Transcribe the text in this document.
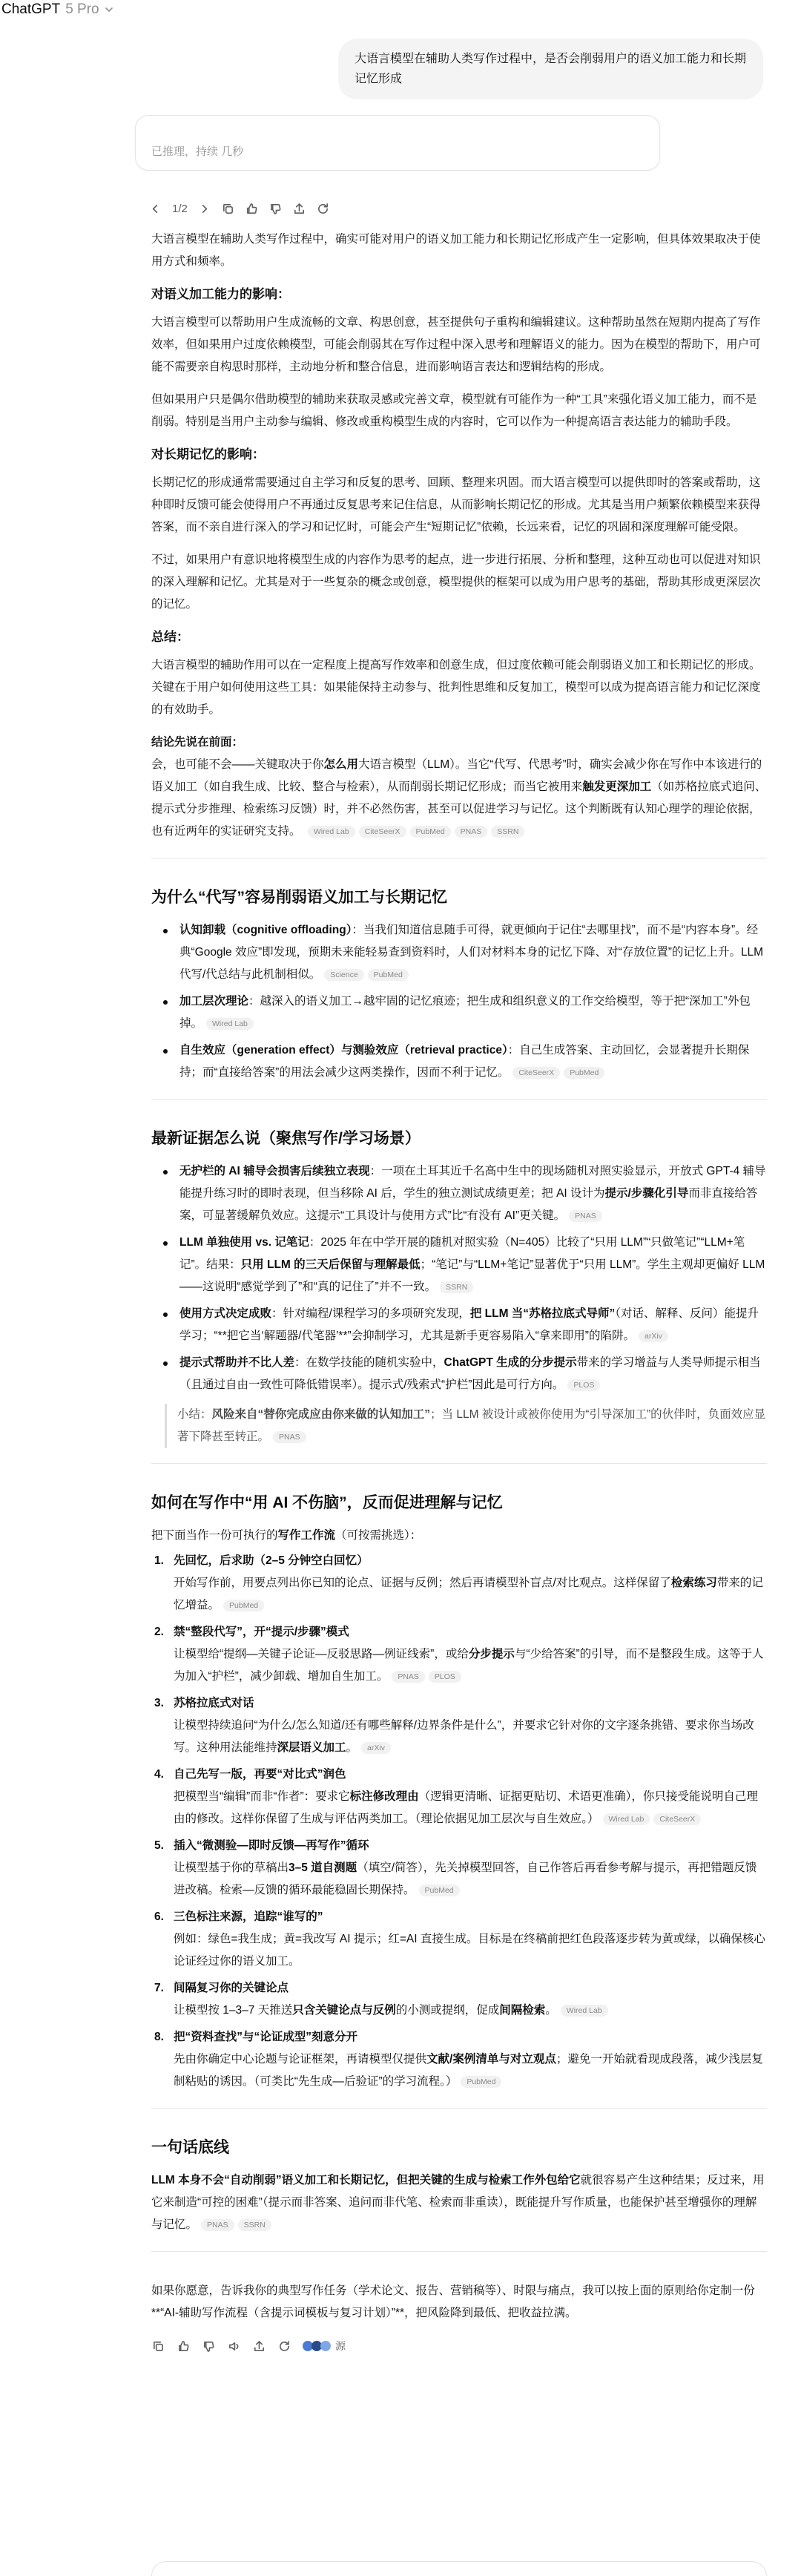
ChatGPT 5 Pro
大语言模型在辅助人类写作过程中，是否会削弱用户的语义加工能力和长期记忆形成
已推理，持续 几秒
1/2

大语言模型在辅助人类写作过程中，确实可能对用户的语义加工能力和长期记忆形成产生一定影响，但具体效果取决于使用方式和频率。

对语义加工能力的影响：

大语言模型可以帮助用户生成流畅的文章、构思创意，甚至提供句子重构和编辑建议。这种帮助虽然在短期内提高了写作效率，但如果用户过度依赖模型，可能会削弱其在写作过程中深入思考和理解语义的能力。因为在模型的帮助下，用户可能不需要亲自构思时那样，主动地分析和整合信息，进而影响语言表达和逻辑结构的形成。

但如果用户只是偶尔借助模型的辅助来获取灵感或完善文章，模型就有可能作为一种“工具”来强化语义加工能力，而不是削弱。特别是当用户主动参与编辑、修改或重构模型生成的内容时，它可以作为一种提高语言表达能力的辅助手段。

对长期记忆的影响：

长期记忆的形成通常需要通过自主学习和反复的思考、回顾、整理来巩固。而大语言模型可以提供即时的答案或帮助，这种即时反馈可能会使得用户不再通过反复思考来记住信息，从而影响长期记忆的形成。尤其是当用户频繁依赖模型来获得答案，而不亲自进行深入的学习和记忆时，可能会产生“短期记忆”依赖，长远来看，记忆的巩固和深度理解可能受限。

不过，如果用户有意识地将模型生成的内容作为思考的起点，进一步进行拓展、分析和整理，这种互动也可以促进对知识的深入理解和记忆。尤其是对于一些复杂的概念或创意，模型提供的框架可以成为用户思考的基础，帮助其形成更深层次的记忆。

总结：

大语言模型的辅助作用可以在一定程度上提高写作效率和创意生成，但过度依赖可能会削弱语义加工和长期记忆的形成。关键在于用户如何使用这些工具：如果能保持主动参与、批判性思维和反复加工，模型可以成为提高语言能力和记忆深度的有效助手。

结论先说在前面：

会，也可能不会——关键取决于你怎么用大语言模型（LLM）。当它“代写、代思考”时，确实会减少你在写作中本该进行的语义加工（如自我生成、比较、整合与检索），从而削弱长期记忆形成；而当它被用来触发更深加工（如苏格拉底式追问、提示式分步推理、检索练习反馈）时，并不必然伤害，甚至可以促进学习与记忆。这个判断既有认知心理学的理论依据，也有近两年的实证研究支持。 Wired Lab CiteSeerX PubMed PNAS SSRN

为什么“代写”容易削弱语义加工与长期记忆
认知卸载（cognitive offloading）：当我们知道信息随手可得，就更倾向于记住“去哪里找”，而不是“内容本身”。经典“Google 效应”即发现，预期未来能轻易查到资料时，人们对材料本身的记忆下降、对“存放位置”的记忆上升。LLM 代写/代总结与此机制相似。 Science PubMed
加工层次理论：越深入的语义加工→越牢固的记忆痕迹；把生成和组织意义的工作交给模型，等于把“深加工”外包掉。 Wired Lab
自生效应（generation effect）与测验效应（retrieval practice）：自己生成答案、主动回忆，会显著提升长期保持；而“直接给答案”的用法会减少这两类操作，因而不利于记忆。 CiteSeerX PubMed
最新证据怎么说（聚焦写作/学习场景）
无护栏的 AI 辅导会损害后续独立表现：一项在土耳其近千名高中生中的现场随机对照实验显示，开放式 GPT-4 辅导能提升练习时的即时表现，但当移除 AI 后，学生的独立测试成绩更差；把 AI 设计为提示/步骤化引导而非直接给答案，可显著缓解负效应。这提示“工具设计与使用方式”比“有没有 AI”更关键。 PNAS
LLM 单独使用 vs. 记笔记：2025 年在中学开展的随机对照实验（N=405）比较了“只用 LLM”“只做笔记”“LLM+笔记”。结果：只用 LLM 的三天后保留与理解最低；“笔记”与“LLM+笔记”显著优于“只用 LLM”。学生主观却更偏好 LLM——这说明“感觉学到了”和“真的记住了”并不一致。 SSRN
使用方式决定成败：针对编程/课程学习的多项研究发现，把 LLM 当“苏格拉底式导师”（对话、解释、反问）能提升学习；“**把它当‘解题器/代笔器’**”会抑制学习，尤其是新手更容易陷入“拿来即用”的陷阱。 arXiv
提示式帮助并不比人差：在数学技能的随机实验中，ChatGPT 生成的分步提示带来的学习增益与人类导师提示相当（且通过自由一致性可降低错误率）。提示式/残索式“护栏”因此是可行方向。 PLOS
小结：风险来自“替你完成应由你来做的认知加工”；当 LLM 被设计或被你使用为“引导深加工”的伙伴时，负面效应显著下降甚至转正。 PNAS
如何在写作中“用 AI 不伤脑”，反而促进理解与记忆

把下面当作一份可执行的写作工作流（可按需挑选）：

1. 先回忆，后求助（2–5 分钟空白回忆）
开始写作前，用要点列出你已知的论点、证据与反例；然后再请模型补盲点/对比观点。这样保留了检索练习带来的记忆增益。 PubMed
2. 禁“整段代写”，开“提示/步骤”模式
让模型给“提纲—关键子论证—反驳思路—例证线索”，或给分步提示与“少给答案”的引导，而不是整段生成。这等于人为加入“护栏”，减少卸载、增加自生加工。 PNAS PLOS
3. 苏格拉底式对话
让模型持续追问“为什么/怎么知道/还有哪些解释/边界条件是什么”，并要求它针对你的文字逐条挑错、要求你当场改写。这种用法能维持深层语义加工。 arXiv
4. 自己先写一版，再要“对比式”润色
把模型当“编辑”而非“作者”：要求它标注修改理由（逻辑更清晰、证据更贴切、术语更准确），你只接受能说明自己理由的修改。这样你保留了生成与评估两类加工。（理论依据见加工层次与自生效应。） Wired Lab CiteSeerX
5. 插入“微测验—即时反馈—再写作”循环
让模型基于你的草稿出3–5 道自测题（填空/简答），先关掉模型回答，自己作答后再看参考解与提示，再把错题反馈进改稿。检索—反馈的循环最能稳固长期保持。 PubMed
6. 三色标注来源，追踪“谁写的”
例如：绿色=我生成；黄=我改写 AI 提示；红=AI 直接生成。目标是在终稿前把红色段落逐步转为黄或绿，以确保核心论证经过你的语义加工。
7. 间隔复习你的关键论点
让模型按 1–3–7 天推送只含关键论点与反例的小测或提纲，促成间隔检索。 Wired Lab
8. 把“资料查找”与“论证成型”刻意分开
先由你确定中心论题与论证框架，再请模型仅提供文献/案例清单与对立观点；避免一开始就看现成段落，减少浅层复制粘贴的诱因。（可类比“先生成—后验证”的学习流程。） PubMed
一句话底线

LLM 本身不会“自动削弱”语义加工和长期记忆，但把关键的生成与检索工作外包给它就很容易产生这种结果；反过来，用它来制造“可控的困难”（提示而非答案、追问而非代笔、检索而非重读），既能提升写作质量，也能保护甚至增强你的理解与记忆。 PNAS SSRN

如果你愿意，告诉我你的典型写作任务（学术论文、报告、营销稿等）、时限与痛点，我可以按上面的原则给你定制一份**“AI-辅助写作流程（含提示词模板与复习计划）”**，把风险降到最低、把收益拉满。

源
